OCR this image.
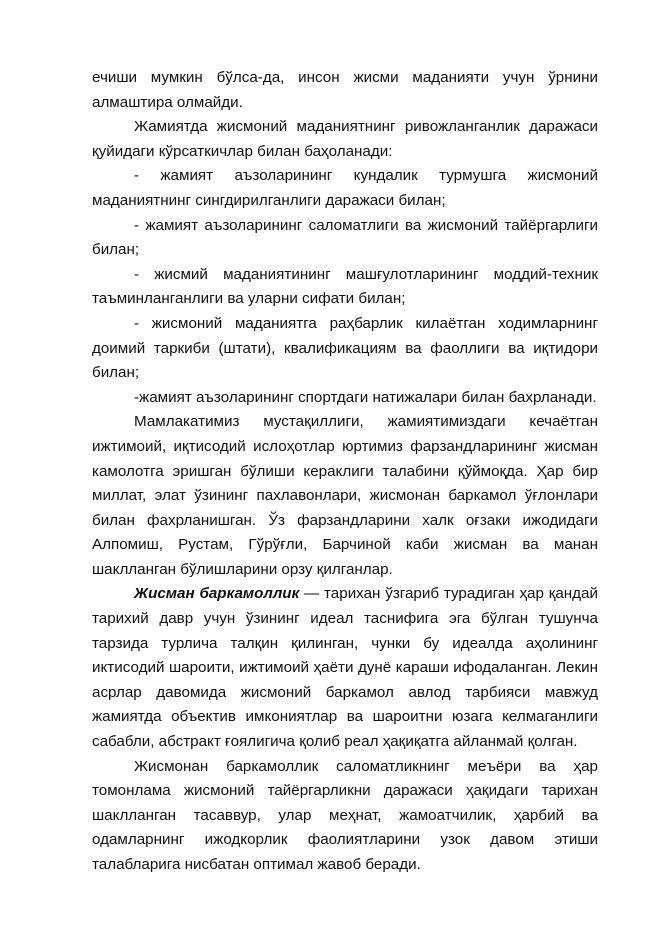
ечиши мумкин бўлса-да, инсон жисми маданияти учун ўрнини алмаштира олмайди.

Жамиятда жисмоний маданиятнинг ривожланганлик даражаси қуйидаги кўрсаткичлар билан баҳоланади:

- жамият аъзоларининг кундалик турмушга жисмоний маданиятнинг сингдирилганлиги даражаси билан;

- жамият аъзоларининг саломатлиги ва жисмоний тайёргарлиги билан;

- жисмий маданиятининг машғулотларининг моддий-техник таъминланганлиги ва уларни сифати билан;

- жисмоний маданиятга раҳбарлик килаётган ходимларнинг доимий таркиби (штати), квалификациям ва фаоллиги ва иқтидори билан;

-жамият аъзоларининг спортдаги натижалари билан бахрланади.

Мамлакатимиз мустақиллиги, жамиятимиздаги кечаётган ижтимоий, иқтисодий ислоҳотлар юртимиз фарзандларининг жисман камолотга эришган бўлиши кераклиги талабини қўймоқда. Ҳар бир миллат, элат ўзининг пахлавонлари, жисмонан баркамол ўғлонлари билан фахрланишган. Ўз фарзандларини халк оғзаки ижодидаги Алпомиш, Рустам, Гўрўғли, Барчиной каби жисман ва манан шаклланган бўлишларини орзу қилганлар.

Жисман баркамоллик — тарихан ўзгариб турадиган ҳар қандай тарихий давр учун ўзининг идеал таснифига эга бўлган тушунча тарзида турлича талқин қилинган, чунки бу идеалда аҳолининг иктисодий шароити, ижтимоий ҳаёти дунё караши ифодаланган. Лекин асрлар давомида жисмоний баркамол авлод тарбияси мавжуд жамиятда объектив имкониятлар ва шароитни юзага келмаганлиги сабабли, абстракт ғоялигича қолиб реал ҳақиқатга айланмай қолган.

Жисмонан баркамоллик саломатликнинг меъёри ва ҳар томонлама жисмоний тайёргарликни даражаси ҳақидаги тарихан шаклланган тасаввур, улар меҳнат, жамоатчилик, ҳарбий ва одамларнинг ижодкорлик фаолиятларини узок давом этиши талабларига нисбатан оптимал жавоб беради.
